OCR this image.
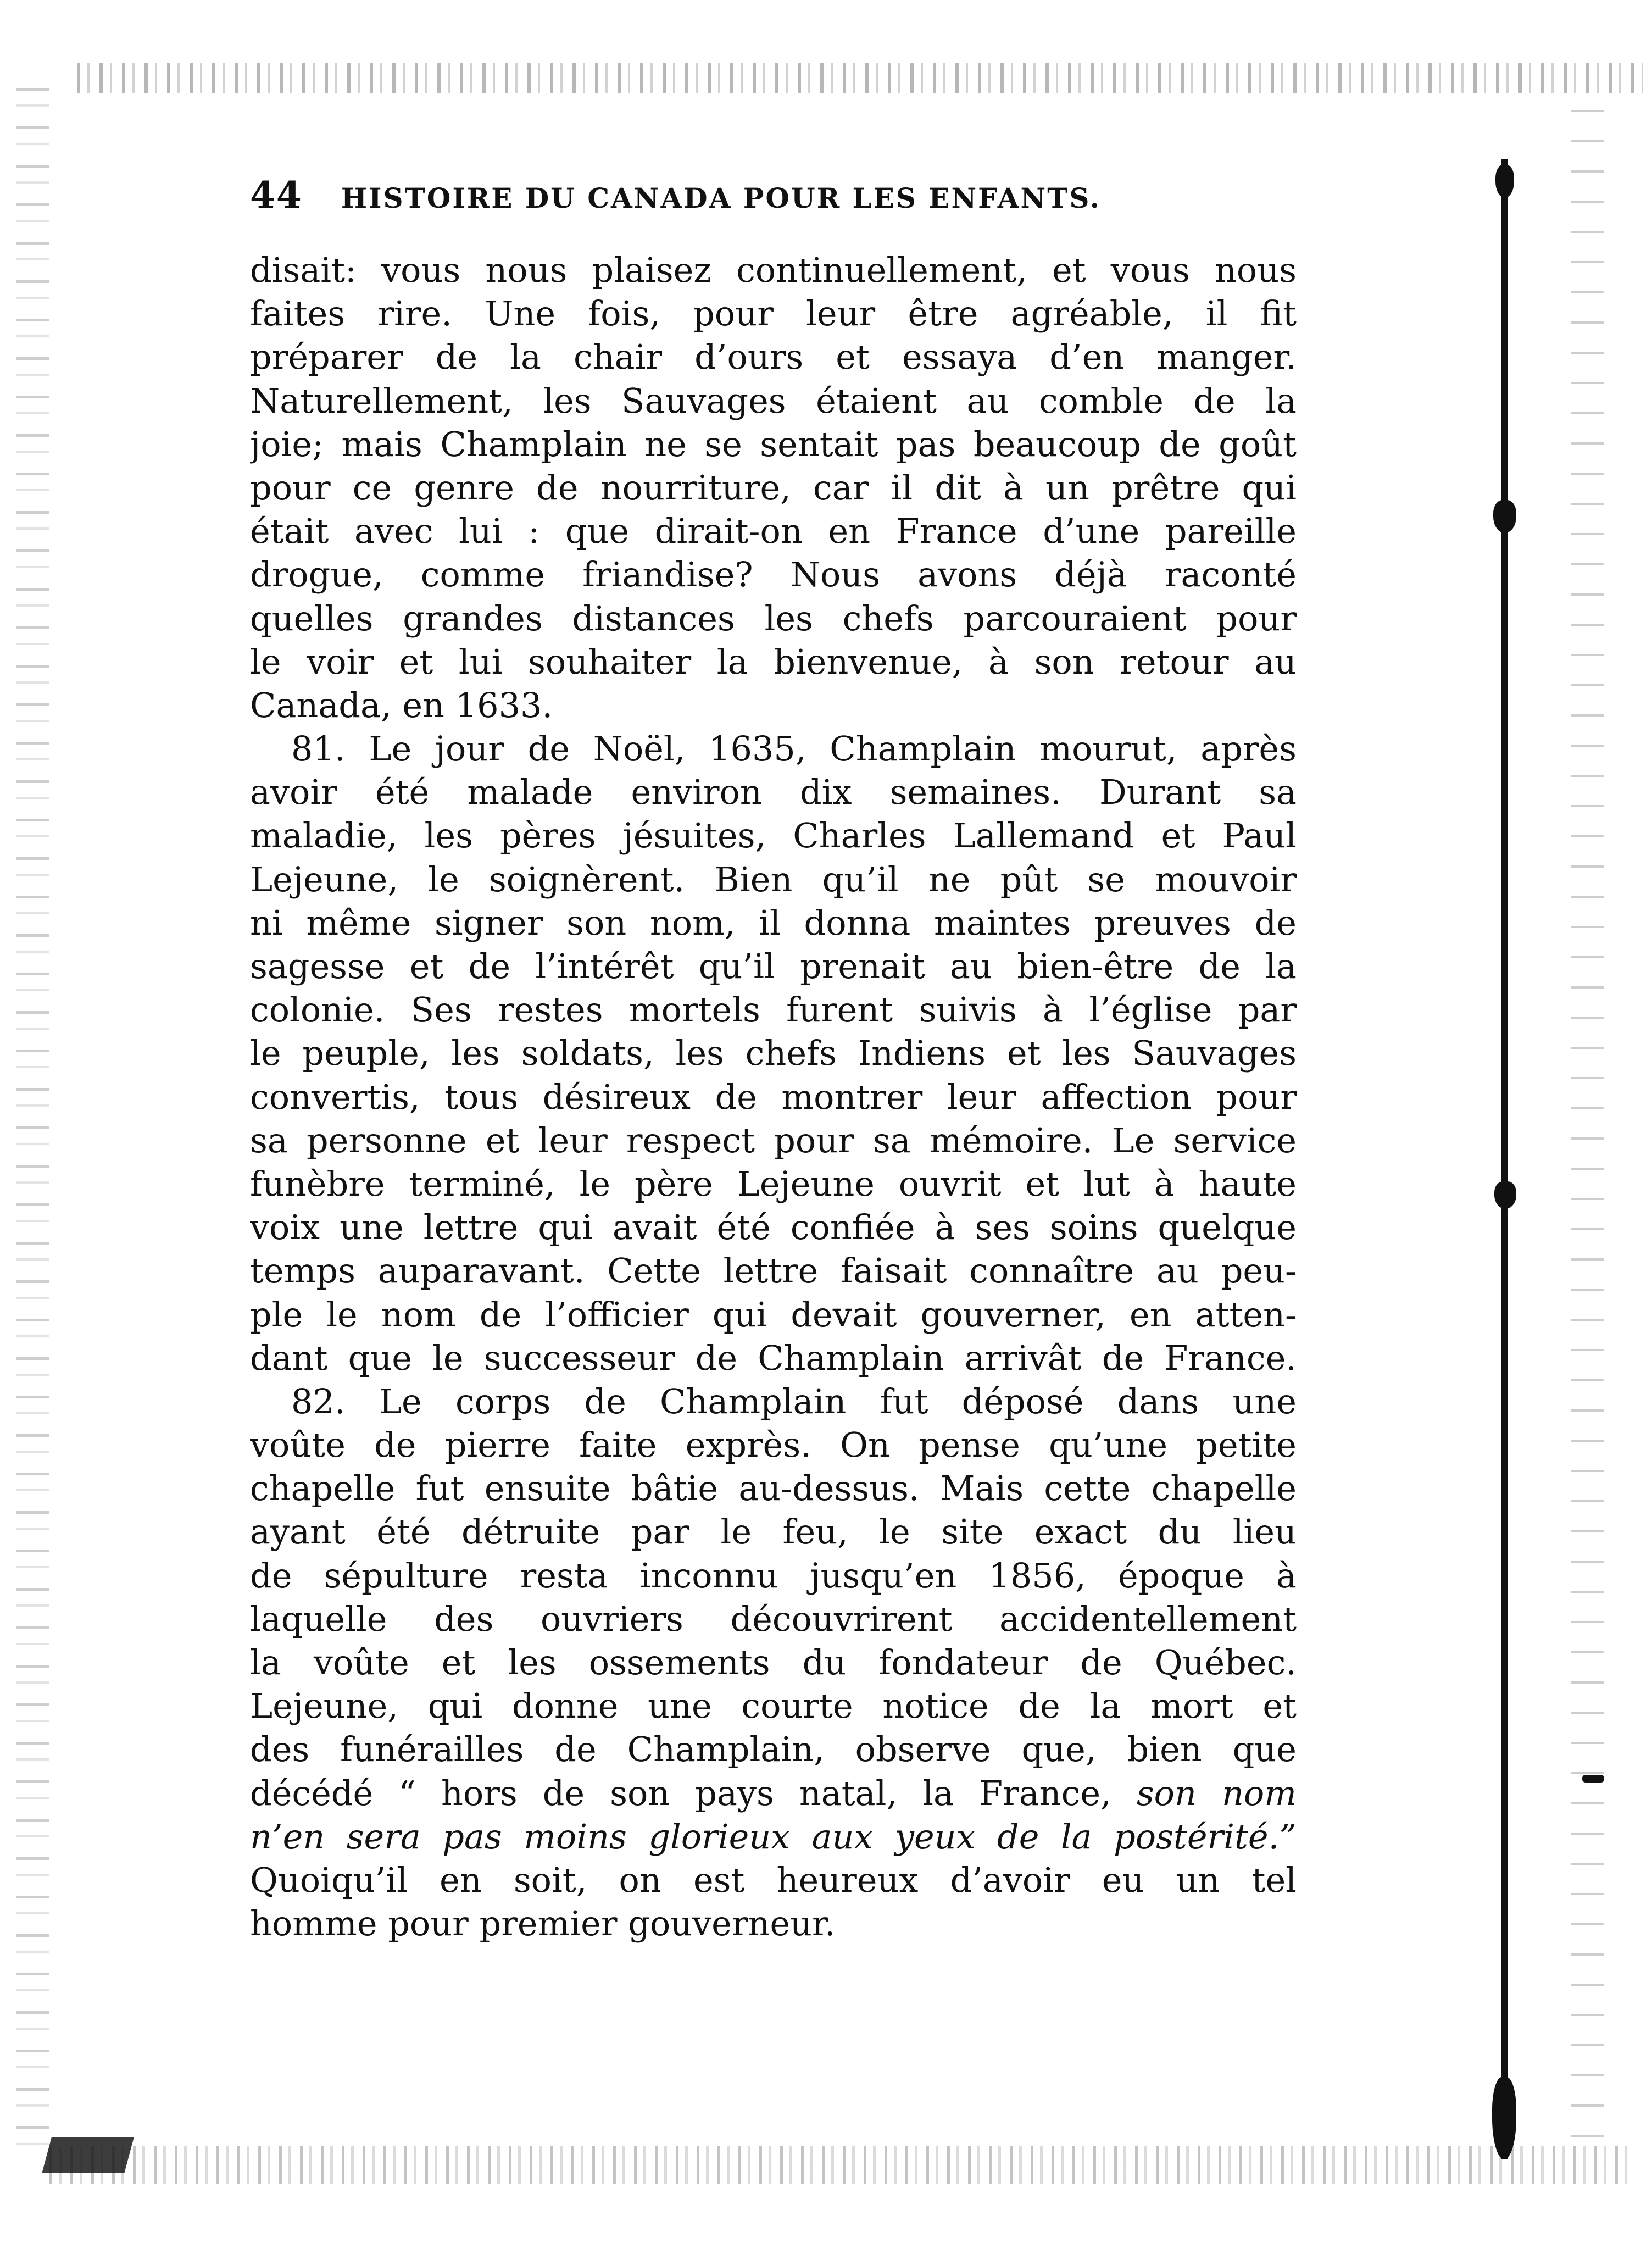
44 HISTOIRE DU CANADA POUR LES ENFANTS.
disait: vous nous plaisez continuellement, et vous nous
faites rire. Une fois, pour leur être agréable, il fit
préparer de la chair d’ours et essaya d’en manger.
Naturellement, les Sauvages étaient au comble de la
joie; mais Champlain ne se sentait pas beaucoup de goût
pour ce genre de nourriture, car il dit à un prêtre qui
était avec lui : que dirait-on en France d’une pareille
drogue, comme friandise? Nous avons déjà raconté
quelles grandes distances les chefs parcouraient pour
le voir et lui souhaiter la bienvenue, à son retour au
Canada, en 1633.
81. Le jour de Noël, 1635, Champlain mourut, après
avoir été malade environ dix semaines. Durant sa
maladie, les pères jésuites, Charles Lallemand et Paul
Lejeune, le soignèrent. Bien qu’il ne pût se mouvoir
ni même signer son nom, il donna maintes preuves de
sagesse et de l’intérêt qu’il prenait au bien-être de la
colonie. Ses restes mortels furent suivis à l’église par
le peuple, les soldats, les chefs Indiens et les Sauvages
convertis, tous désireux de montrer leur affection pour
sa personne et leur respect pour sa mémoire. Le service
funèbre terminé, le père Lejeune ouvrit et lut à haute
voix une lettre qui avait été confiée à ses soins quelque
temps auparavant. Cette lettre faisait connaître au peu-
ple le nom de l’officier qui devait gouverner, en atten-
dant que le successeur de Champlain arrivât de France.
82. Le corps de Champlain fut déposé dans une
voûte de pierre faite exprès. On pense qu’une petite
chapelle fut ensuite bâtie au-dessus. Mais cette chapelle
ayant été détruite par le feu, le site exact du lieu
de sépulture resta inconnu jusqu’en 1856, époque à
laquelle des ouvriers découvrirent accidentellement
la voûte et les ossements du fondateur de Québec.
Lejeune, qui donne une courte notice de la mort et
des funérailles de Champlain, observe que, bien que
décédé “ hors de son pays natal, la France, son nom
n’en sera pas moins glorieux aux yeux de la postérité.”
Quoiqu’il en soit, on est heureux d’avoir eu un tel
homme pour premier gouverneur.
